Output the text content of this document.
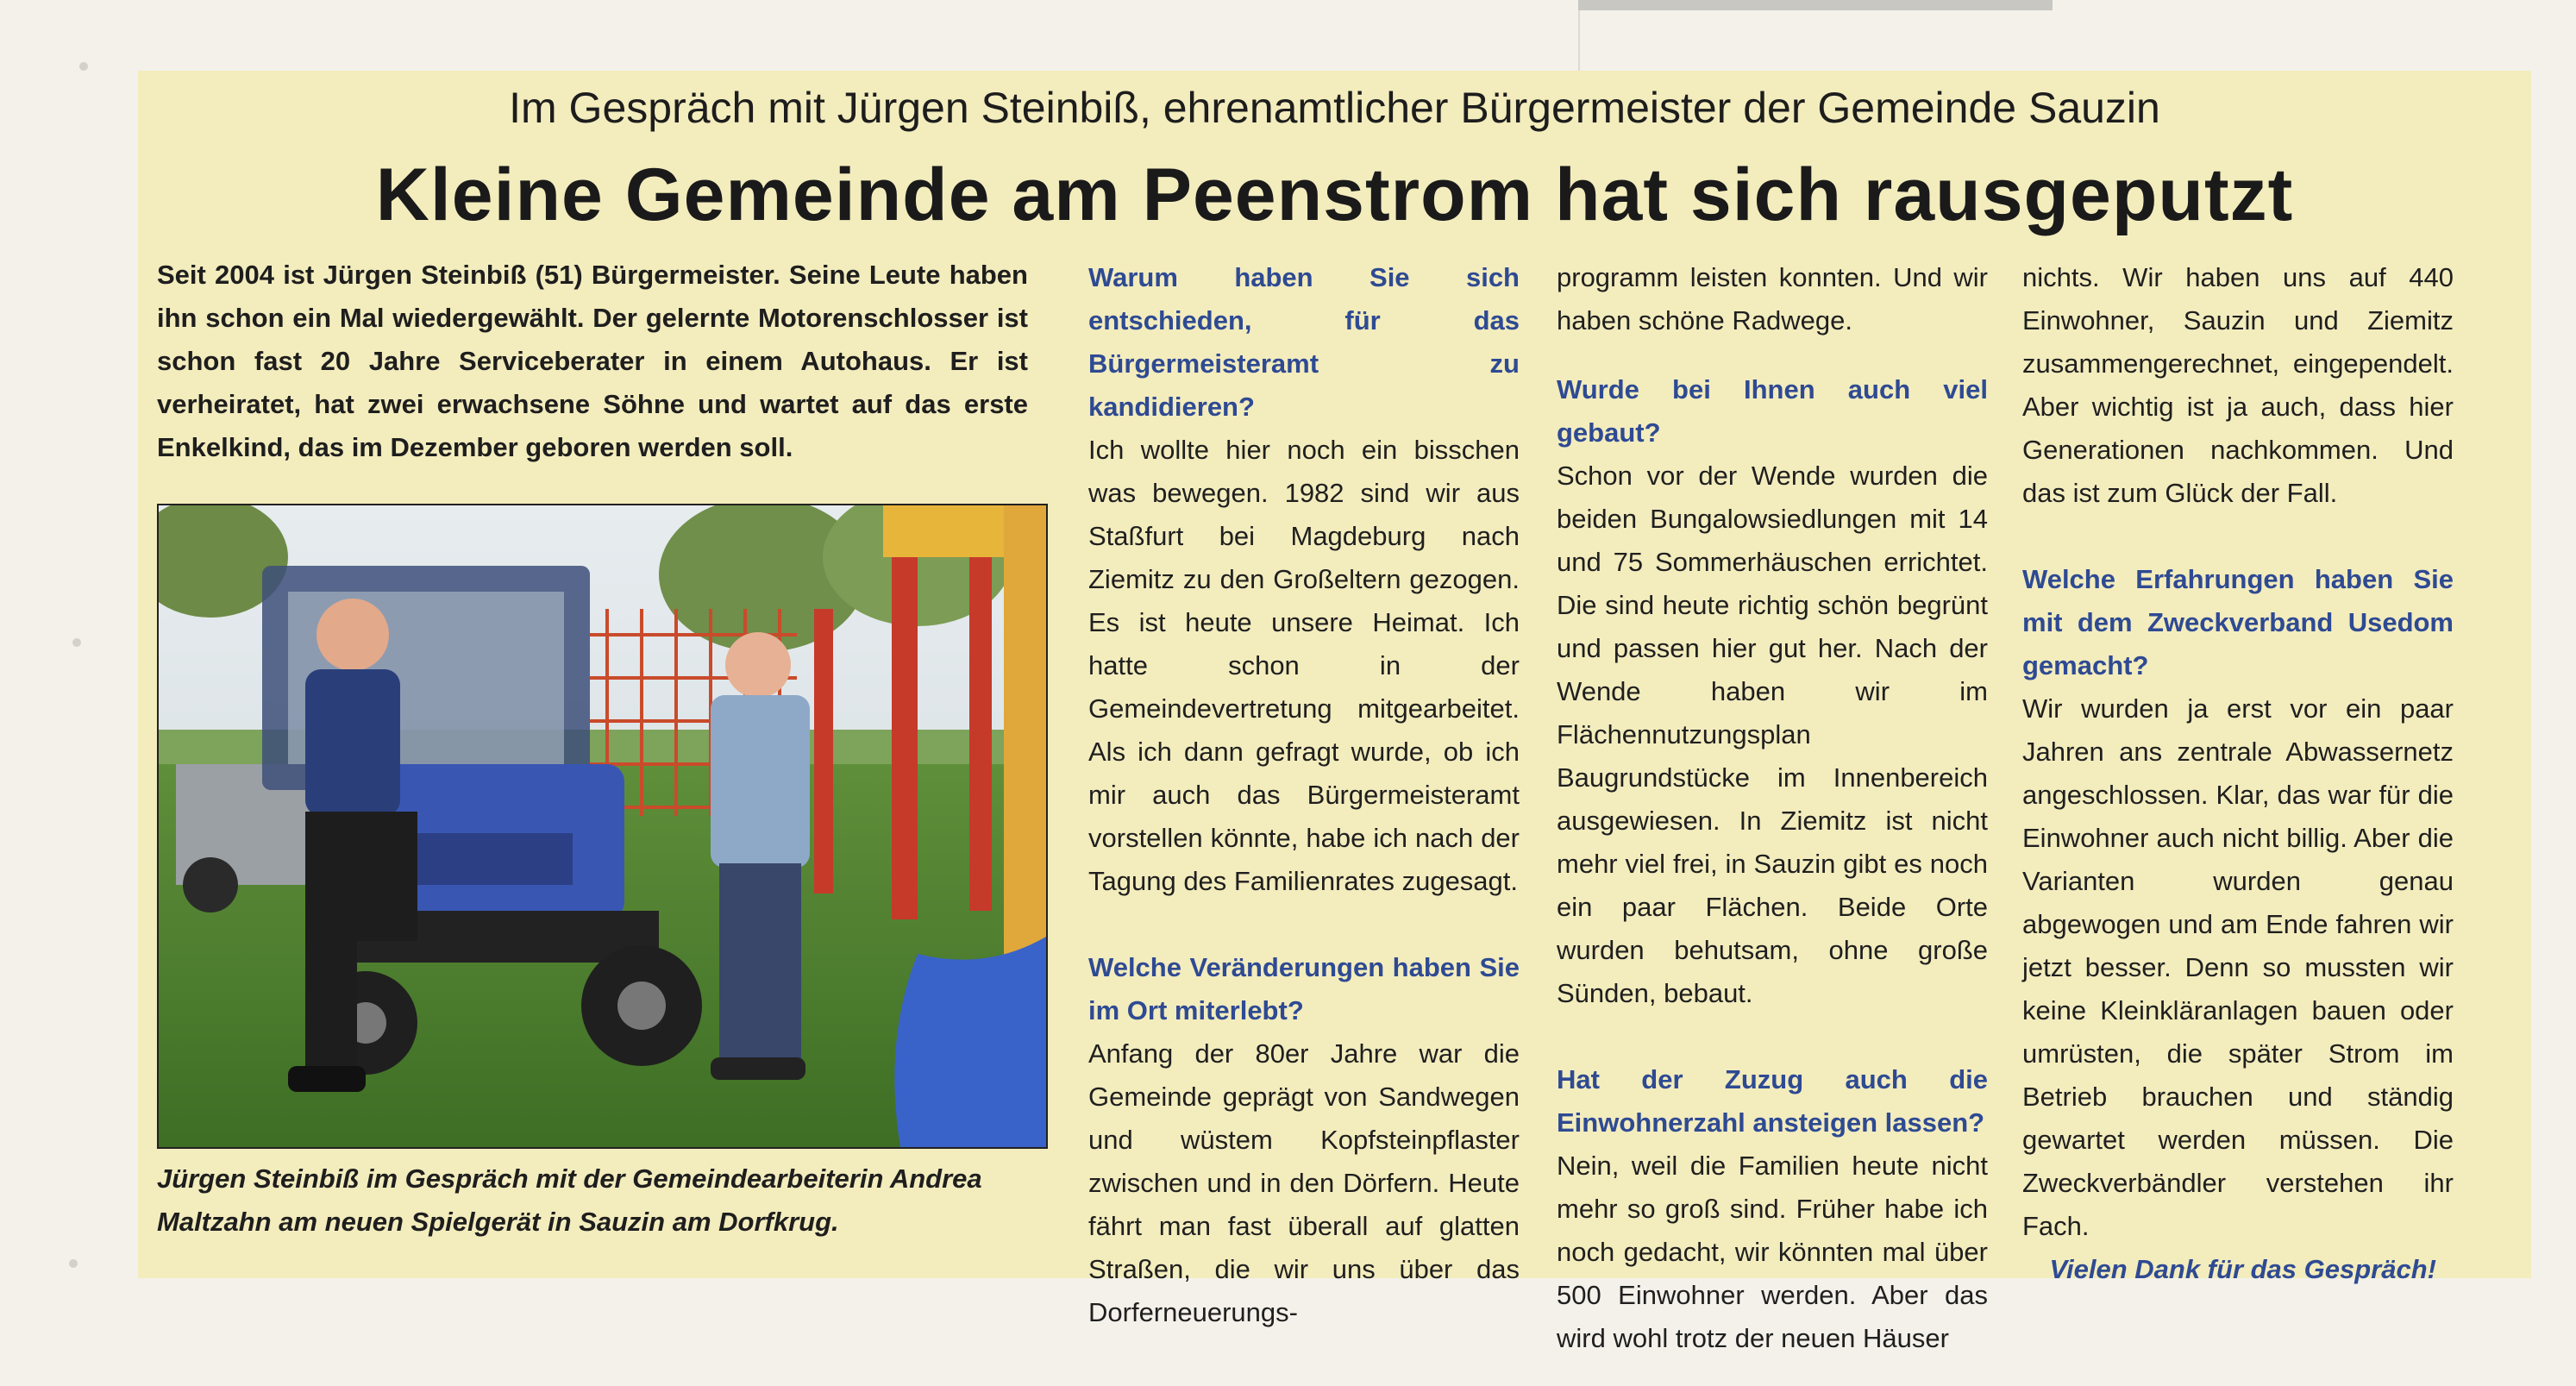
Im Gespräch mit Jürgen Steinbiß, ehrenamtlicher Bürgermeister der Gemeinde Sauzin
Kleine Gemeinde am Peenstrom hat sich rausgeputzt
Seit 2004 ist Jürgen Steinbiß (51) Bürgermeister. Seine Leute haben ihn schon ein Mal wiedergewählt. Der gelernte Motorenschlosser ist schon fast 20 Jahre Serviceberater in einem Autohaus. Er ist verheiratet, hat zwei erwachsene Söhne und wartet auf das erste Enkelkind, das im Dezember geboren werden soll.
Jürgen Steinbiß im Gespräch mit der Gemeindearbeiterin Andrea Maltzahn am neuen Spielgerät in Sauzin am Dorfkrug.

Warum haben Sie sich entschieden, für das Bürgermeisteramt zu kandidieren?

Ich wollte hier noch ein bisschen was bewegen. 1982 sind wir aus Staßfurt bei Magdeburg nach Ziemitz zu den Großeltern gezogen. Es ist heute unsere Heimat. Ich hatte schon in der Gemeindevertretung mitgearbeitet. Als ich dann gefragt wurde, ob ich mir auch das Bürgermeisteramt vorstellen könnte, habe ich nach der Tagung des Familienrates zugesagt.

Welche Veränderungen haben Sie im Ort miterlebt?

Anfang der 80er Jahre war die Gemeinde geprägt von Sandwegen und wüstem Kopfsteinpflaster zwischen und in den Dörfern. Heute fährt man fast überall auf glatten Straßen, die wir uns über das Dorferneuerungs-

programm leisten konnten. Und wir haben schöne Radwege.

Wurde bei Ihnen auch viel gebaut?

Schon vor der Wende wurden die beiden Bungalowsiedlungen mit 14 und 75 Sommerhäuschen errichtet. Die sind heute richtig schön begrünt und passen hier gut her. Nach der Wende haben wir im Flächennutzungsplan Baugrundstücke im Innenbereich ausgewiesen. In Ziemitz ist nicht mehr viel frei, in Sauzin gibt es noch ein paar Flächen. Beide Orte wurden behutsam, ohne große Sünden, bebaut.

Hat der Zuzug auch die Einwohnerzahl ansteigen lassen?

Nein, weil die Familien heute nicht mehr so groß sind. Früher habe ich noch gedacht, wir könnten mal über 500 Einwohner werden. Aber das wird wohl trotz der neuen Häuser

nichts. Wir haben uns auf 440 Einwohner, Sauzin und Ziemitz zusammengerechnet, eingependelt. Aber wichtig ist ja auch, dass hier Generationen nachkommen. Und das ist zum Glück der Fall.

Welche Erfahrungen haben Sie mit dem Zweckverband Usedom gemacht?

Wir wurden ja erst vor ein paar Jahren ans zentrale Abwassernetz angeschlossen. Klar, das war für die Einwohner auch nicht billig. Aber die Varianten wurden genau abgewogen und am Ende fahren wir jetzt besser. Denn so mussten wir keine Kleinkläranlagen bauen oder umrüsten, die später Strom im Betrieb brauchen und ständig gewartet werden müssen. Die Zweckverbändler verstehen ihr Fach.

Vielen Dank für das Gespräch!
